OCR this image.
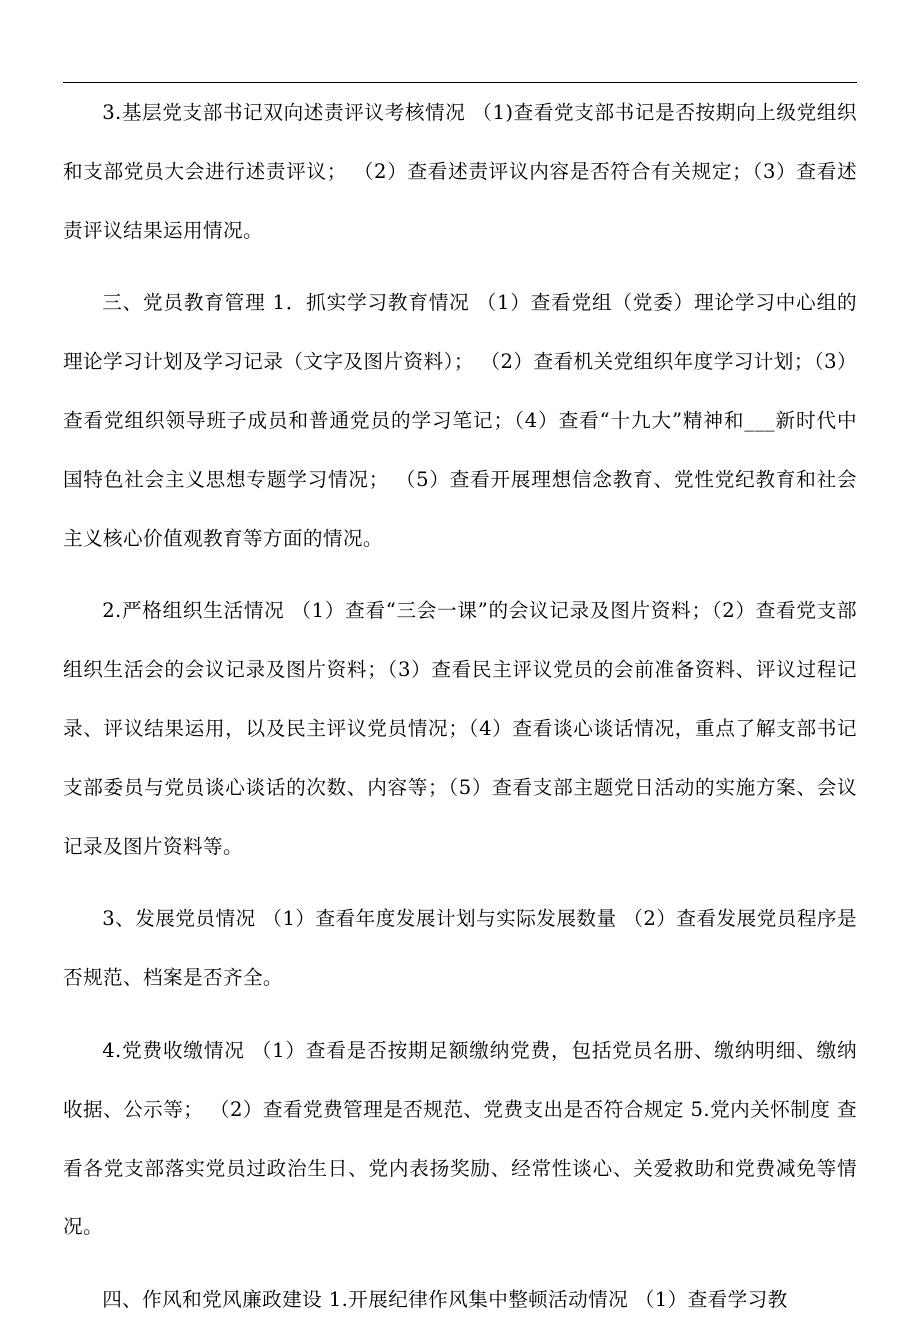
3.基层党支部书记双向述责评议考核情况 （1)查看党支部书记是否按期向上级党组织和支部党员大会进行述责评议； （2）查看述责评议内容是否符合有关规定；（3）查看述责评议结果运用情况。

三、党员教育管理 1．抓实学习教育情况 （1）查看党组（党委）理论学习中心组的理论学习计划及学习记录（文字及图片资料）； （2）查看机关党组织年度学习计划；（3）查看党组织领导班子成员和普通党员的学习笔记；（4）查看“十九大”精神和___新时代中国特色社会主义思想专题学习情况； （5）查看开展理想信念教育、党性党纪教育和社会主义核心价值观教育等方面的情况。

2.严格组织生活情况 （1）查看“三会一课”的会议记录及图片资料；（2）查看党支部组织生活会的会议记录及图片资料；（3）查看民主评议党员的会前准备资料、评议过程记录、评议结果运用，以及民主评议党员情况；（4）查看谈心谈话情况，重点了解支部书记支部委员与党员谈心谈话的次数、内容等；（5）查看支部主题党日活动的实施方案、会议记录及图片资料等。

3、发展党员情况 （1）查看年度发展计划与实际发展数量 （2）查看发展党员程序是否规范、档案是否齐全。

4.党费收缴情况 （1）查看是否按期足额缴纳党费，包括党员名册、缴纳明细、缴纳收据、公示等； （2）查看党费管理是否规范、党费支出是否符合规定 5.党内关怀制度 查看各党支部落实党员过政治生日、党内表扬奖励、经常性谈心、关爱救助和党费减免等情况。

四、作风和党风廉政建设 1.开展纪律作风集中整顿活动情况 （1）查看学习教
